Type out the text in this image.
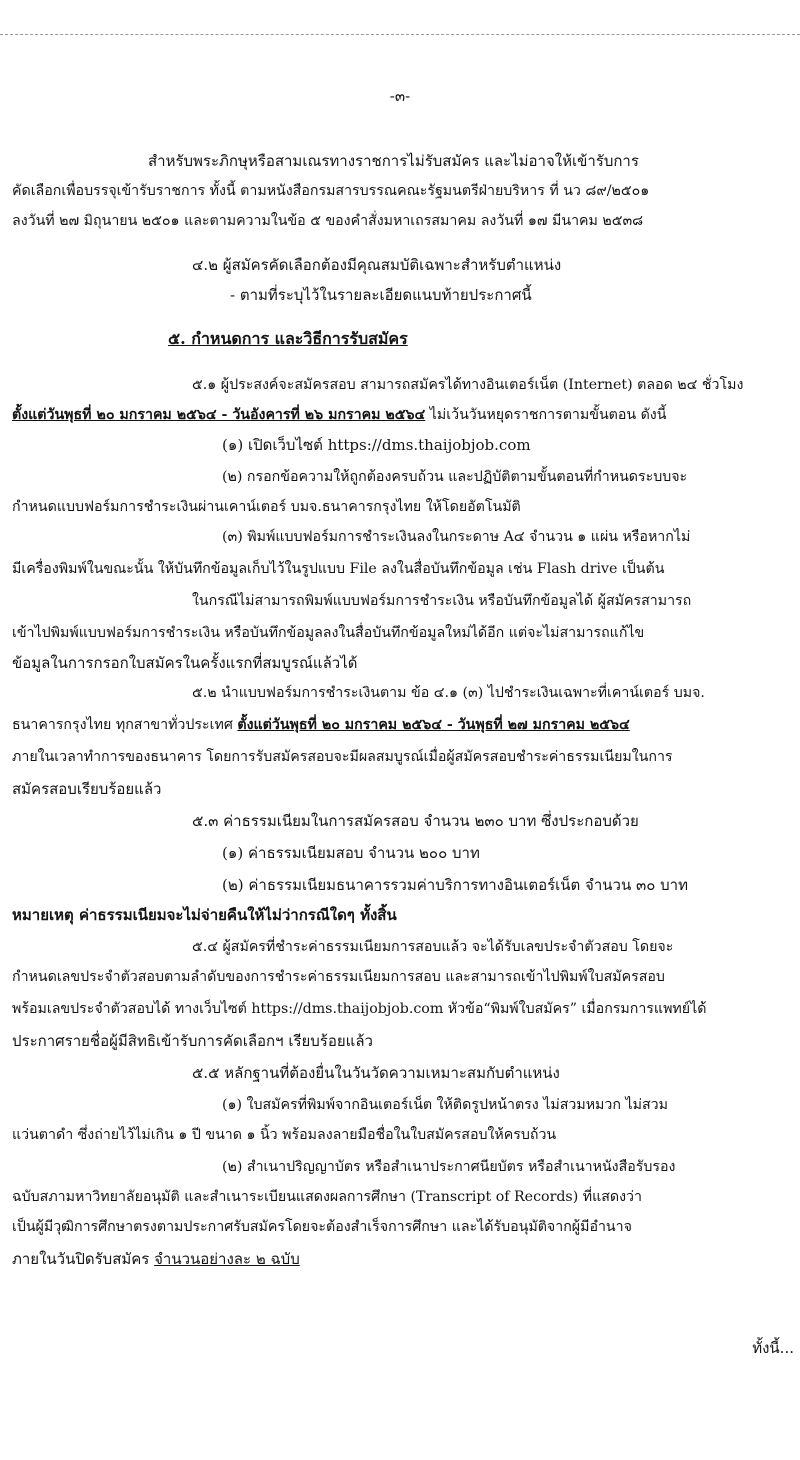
-๓-
สำหรับพระภิกษุหรือสามเณรทางราชการไม่รับสมัคร และไม่อาจให้เข้ารับการ
คัดเลือกเพื่อบรรจุเข้ารับราชการ ทั้งนี้ ตามหนังสือกรมสารบรรณคณะรัฐมนตรีฝ่ายบริหาร ที่ นว ๘๙/๒๕๐๑
ลงวันที่ ๒๗ มิถุนายน ๒๕๐๑ และตามความในข้อ ๕ ของคำสั่งมหาเถรสมาคม ลงวันที่ ๑๗ มีนาคม ๒๕๓๘
๔.๒ ผู้สมัครคัดเลือกต้องมีคุณสมบัติเฉพาะสำหรับตำแหน่ง
- ตามที่ระบุไว้ในรายละเอียดแนบท้ายประกาศนี้
๕. กำหนดการ และวิธีการรับสมัคร
๕.๑ ผู้ประสงค์จะสมัครสอบ สามารถสมัครได้ทางอินเตอร์เน็ต (Internet) ตลอด ๒๔ ชั่วโมง
ตั้งแต่วันพุธที่ ๒๐ มกราคม ๒๕๖๔ - วันอังคารที่ ๒๖ มกราคม ๒๕๖๔ ไม่เว้นวันหยุดราชการตามขั้นตอน ดังนี้
(๑) เปิดเว็บไซต์ https://dms.thaijobjob.com
(๒) กรอกข้อความให้ถูกต้องครบถ้วน และปฏิบัติตามขั้นตอนที่กำหนดระบบจะ
กำหนดแบบฟอร์มการชำระเงินผ่านเคาน์เตอร์ บมจ.ธนาคารกรุงไทย ให้โดยอัตโนมัติ
(๓) พิมพ์แบบฟอร์มการชำระเงินลงในกระดาษ A๔ จำนวน ๑ แผ่น หรือหากไม่
มีเครื่องพิมพ์ในขณะนั้น ให้บันทึกข้อมูลเก็บไว้ในรูปแบบ File ลงในสื่อบันทึกข้อมูล เช่น Flash drive เป็นต้น
ในกรณีไม่สามารถพิมพ์แบบฟอร์มการชำระเงิน หรือบันทึกข้อมูลได้ ผู้สมัครสามารถ
เข้าไปพิมพ์แบบฟอร์มการชำระเงิน หรือบันทึกข้อมูลลงในสื่อบันทึกข้อมูลใหม่ได้อีก แต่จะไม่สามารถแก้ไข
ข้อมูลในการกรอกใบสมัครในครั้งแรกที่สมบูรณ์แล้วได้
๕.๒ นำแบบฟอร์มการชำระเงินตาม ข้อ ๔.๑ (๓) ไปชำระเงินเฉพาะที่เคาน์เตอร์ บมจ.
ธนาคารกรุงไทย ทุกสาขาทั่วประเทศ ตั้งแต่วันพุธที่ ๒๐ มกราคม ๒๕๖๔ - วันพุธที่ ๒๗ มกราคม ๒๕๖๔
ภายในเวลาทำการของธนาคาร โดยการรับสมัครสอบจะมีผลสมบูรณ์เมื่อผู้สมัครสอบชำระค่าธรรมเนียมในการ
สมัครสอบเรียบร้อยแล้ว
๕.๓ ค่าธรรมเนียมในการสมัครสอบ จำนวน ๒๓๐ บาท ซึ่งประกอบด้วย
(๑) ค่าธรรมเนียมสอบ จำนวน ๒๐๐ บาท
(๒) ค่าธรรมเนียมธนาคารรวมค่าบริการทางอินเตอร์เน็ต จำนวน ๓๐ บาท
หมายเหตุ ค่าธรรมเนียมจะไม่จ่ายคืนให้ไม่ว่ากรณีใดๆ ทั้งสิ้น
๕.๔ ผู้สมัครที่ชำระค่าธรรมเนียมการสอบแล้ว จะได้รับเลขประจำตัวสอบ โดยจะ
กำหนดเลขประจำตัวสอบตามลำดับของการชำระค่าธรรมเนียมการสอบ และสามารถเข้าไปพิมพ์ใบสมัครสอบ
พร้อมเลขประจำตัวสอบได้ ทางเว็บไซต์ https://dms.thaijobjob.com หัวข้อ“พิมพ์ใบสมัคร” เมื่อกรมการแพทย์ได้
ประกาศรายชื่อผู้มีสิทธิเข้ารับการคัดเลือกฯ เรียบร้อยแล้ว
๕.๕ หลักฐานที่ต้องยื่นในวันวัดความเหมาะสมกับตำแหน่ง
(๑) ใบสมัครที่พิมพ์จากอินเตอร์เน็ต ให้ติดรูปหน้าตรง ไม่สวมหมวก ไม่สวม
แว่นตาดำ ซึ่งถ่ายไว้ไม่เกิน ๑ ปี ขนาด ๑ นิ้ว พร้อมลงลายมือชื่อในใบสมัครสอบให้ครบถ้วน
(๒) สำเนาปริญญาบัตร หรือสำเนาประกาศนียบัตร หรือสำเนาหนังสือรับรอง
ฉบับสภามหาวิทยาลัยอนุมัติ และสำเนาระเบียนแสดงผลการศึกษา (Transcript of Records) ที่แสดงว่า
เป็นผู้มีวุฒิการศึกษาตรงตามประกาศรับสมัครโดยจะต้องสำเร็จการศึกษา และได้รับอนุมัติจากผู้มีอำนาจ
ภายในวันปิดรับสมัคร จำนวนอย่างละ ๒ ฉบับ
ทั้งนี้...
